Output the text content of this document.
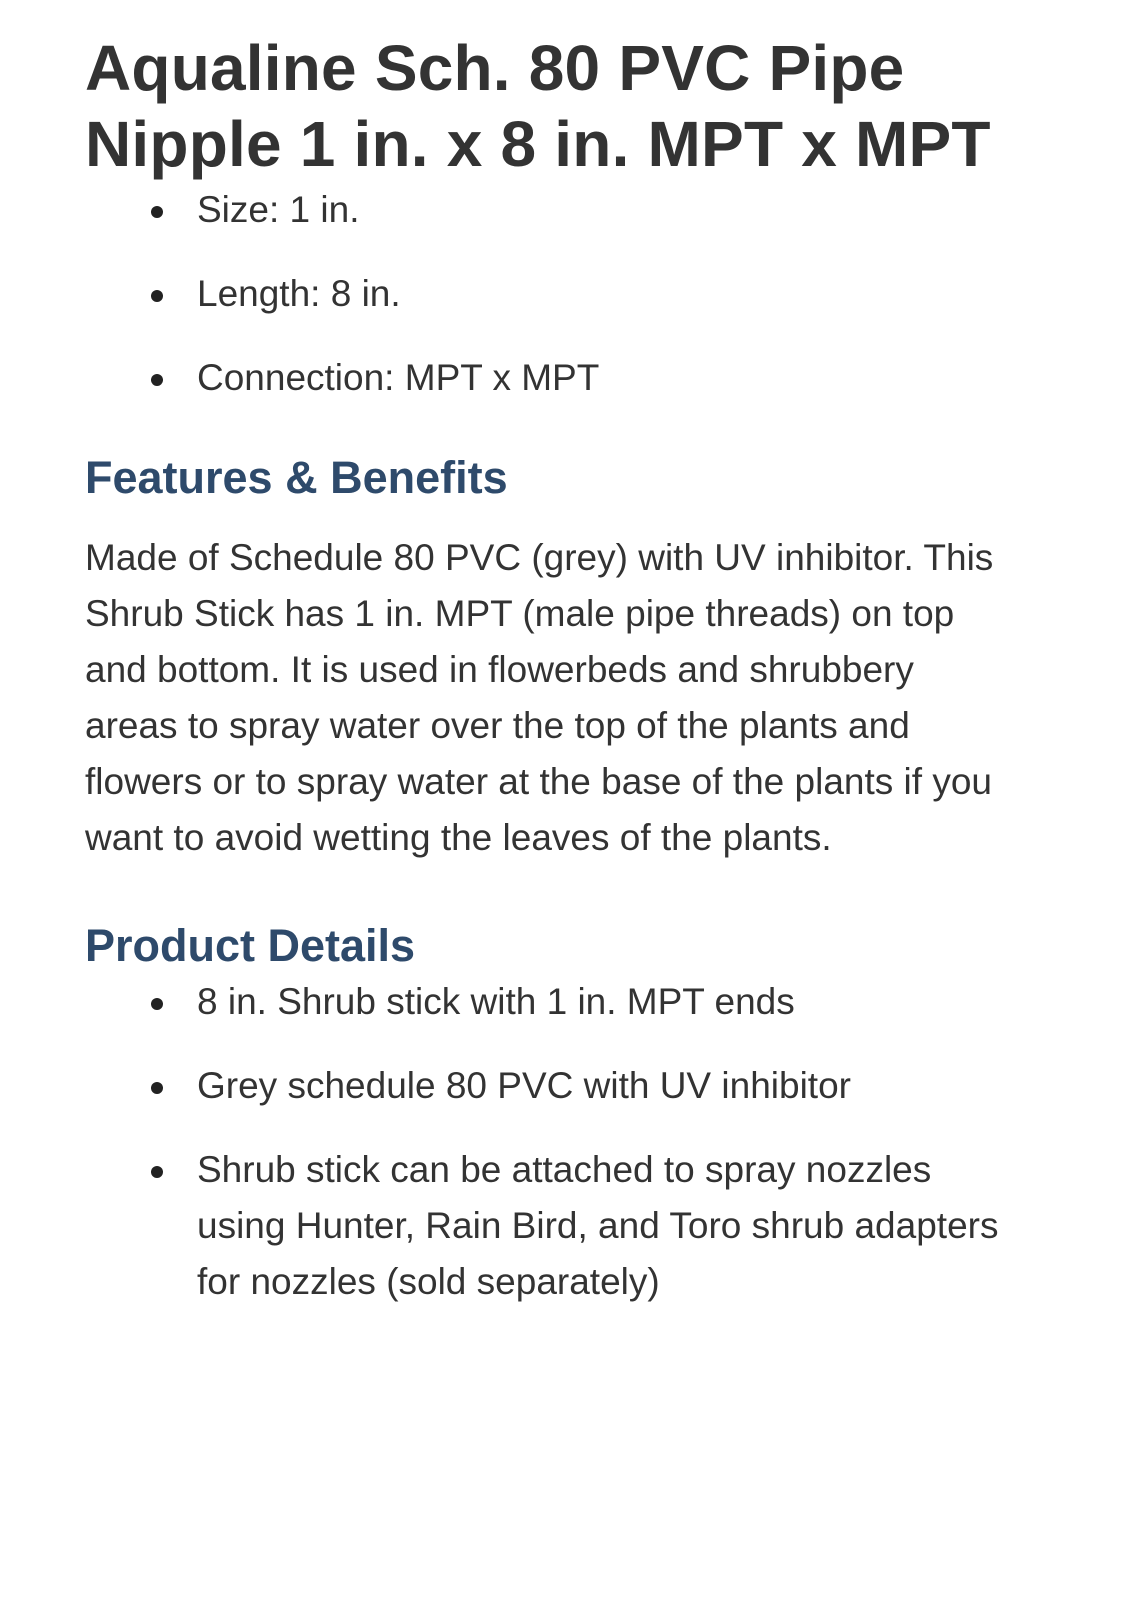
Aqualine Sch. 80 PVC Pipe Nipple 1 in. x 8 in. MPT x MPT
Size: 1 in.
Length: 8 in.
Connection: MPT x MPT
Features & Benefits

Made of Schedule 80 PVC (grey) with UV inhibitor. This Shrub Stick has 1 in. MPT (male pipe threads) on top and bottom. It is used in flowerbeds and shrubbery areas to spray water over the top of the plants and flowers or to spray water at the base of the plants if you want to avoid wetting the leaves of the plants.

Product Details
8 in. Shrub stick with 1 in. MPT ends
Grey schedule 80 PVC with UV inhibitor
Shrub stick can be attached to spray nozzles using Hunter, Rain Bird, and Toro shrub adapters for nozzles (sold separately)
